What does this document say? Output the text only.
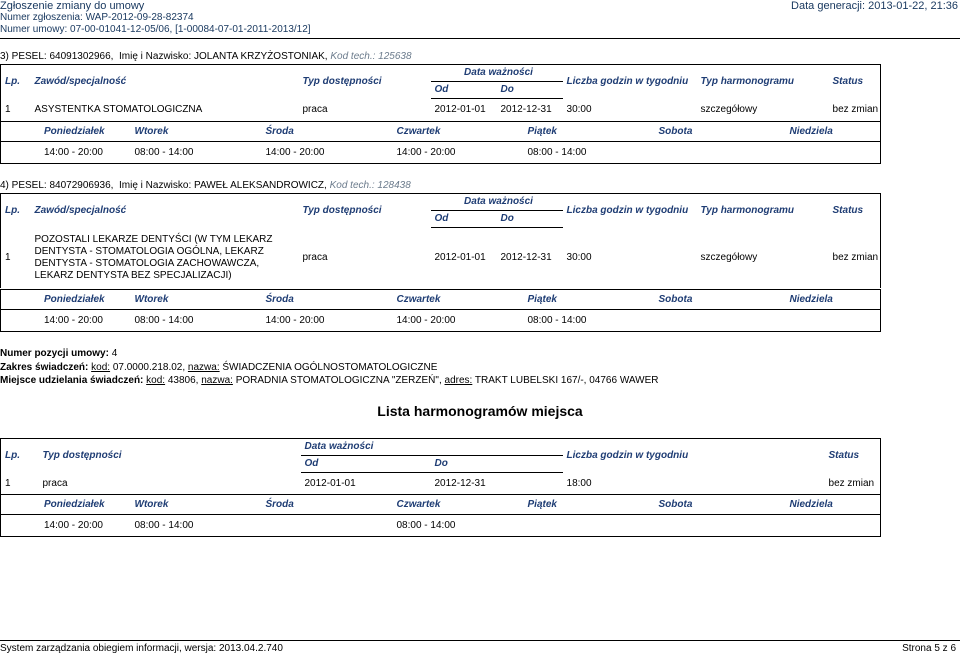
Zgłoszenie zmiany do umowy
Numer zgłoszenia: WAP-2012-09-28-82374
Numer umowy: 07-00-01041-12-05/06, [1-00084-07-01-2011-2013/12]
Data generacji: 2013-01-22, 21:36
3) PESEL: 64091302966, Imię i Nazwisko: JOLANTA KRZYŻOSTONIAK, Kod tech.: 125638
Lp.	Zawód/specjalność	Typ dostępności	Data ważności		Liczba godzin w tygodniu	Typ harmonogramu	Status
			Od	Do			
1	ASYSTENTKA STOMATOLOGICZNA	praca	2012-01-01	2012-12-31	30:00	szczegółowy	bez zmian
Poniedziałek	Wtorek	Środa	Czwartek	Piątek	Sobota	Niedziela
14:00 - 20:00	08:00 - 14:00	14:00 - 20:00	14:00 - 20:00	08:00 - 14:00		
4) PESEL: 84072906936, Imię i Nazwisko: PAWEŁ ALEKSANDROWICZ, Kod tech.: 128438
Lp.	Zawód/specjalność	Typ dostępności	Data ważności		Liczba godzin w tygodniu	Typ harmonogramu	Status
			Od	Do			
1	POZOSTALI LEKARZE DENTYŚCI (W TYM LEKARZ DENTYSTA - STOMATOLOGIA OGÓLNA, LEKARZ DENTYSTA - STOMATOLOGIA ZACHOWAWCZA, LEKARZ DENTYSTA BEZ SPECJALIZACJI)	praca	2012-01-01	2012-12-31	30:00	szczegółowy	bez zmian
Poniedziałek	Wtorek	Środa	Czwartek	Piątek	Sobota	Niedziela
14:00 - 20:00	08:00 - 14:00	14:00 - 20:00	14:00 - 20:00	08:00 - 14:00		
Numer pozycji umowy: 4
Zakres świadczeń: kod: 07.0000.218.02, nazwa: ŚWIADCZENIA OGÓLNOSTOMATOLOGICZNE
Miejsce udzielania świadczeń: kod: 43806, nazwa: PORADNIA STOMATOLOGICZNA "ZERZEŃ", adres: TRAKT LUBELSKI 167/-, 04766 WAWER
Lista harmonogramów miejsca
Lp.	Typ dostępności	Data ważności		Liczba godzin w tygodniu	Status
		Od	Do		
1	praca	2012-01-01	2012-12-31	18:00	bez zmian
Poniedziałek	Wtorek	Środa	Czwartek	Piątek	Sobota	Niedziela
14:00 - 20:00	08:00 - 14:00		08:00 - 14:00			
System zarządzania obiegiem informacji, wersja: 2013.04.2.740	Strona 5 z 6
